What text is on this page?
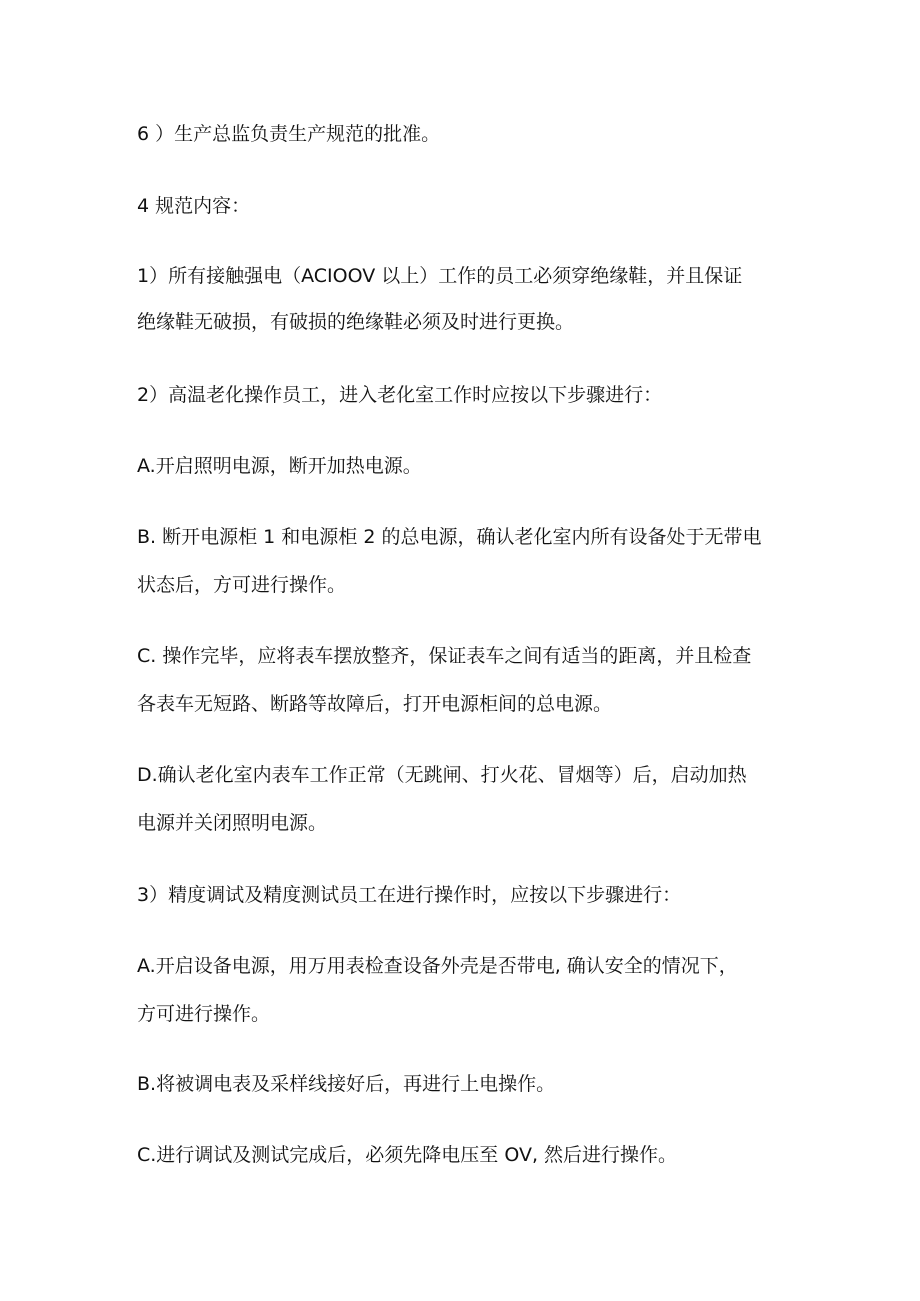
6 ）生产总监负责生产规范的批准。
4 规范内容：
1）所有接触强电（ACIOOV 以上）工作的员工必须穿绝缘鞋，并且保证
绝缘鞋无破损，有破损的绝缘鞋必须及时进行更换。
2）高温老化操作员工，进入老化室工作时应按以下步骤进行：
A.开启照明电源，断开加热电源。
B. 断开电源柜 1 和电源柜 2 的总电源，确认老化室内所有设备处于无带电
状态后，方可进行操作。
C. 操作完毕，应将表车摆放整齐，保证表车之间有适当的距离，并且检查
各表车无短路、断路等故障后，打开电源柜间的总电源。
D.确认老化室内表车工作正常（无跳闸、打火花、冒烟等）后，启动加热
电源并关闭照明电源。
3）精度调试及精度测试员工在进行操作时，应按以下步骤进行：
A.开启设备电源，用万用表检查设备外壳是否带电, 确认安全的情况下，
方可进行操作。
B.将被调电表及采样线接好后，再进行上电操作。
C.进行调试及测试完成后，必须先降电压至 OV, 然后进行操作。
